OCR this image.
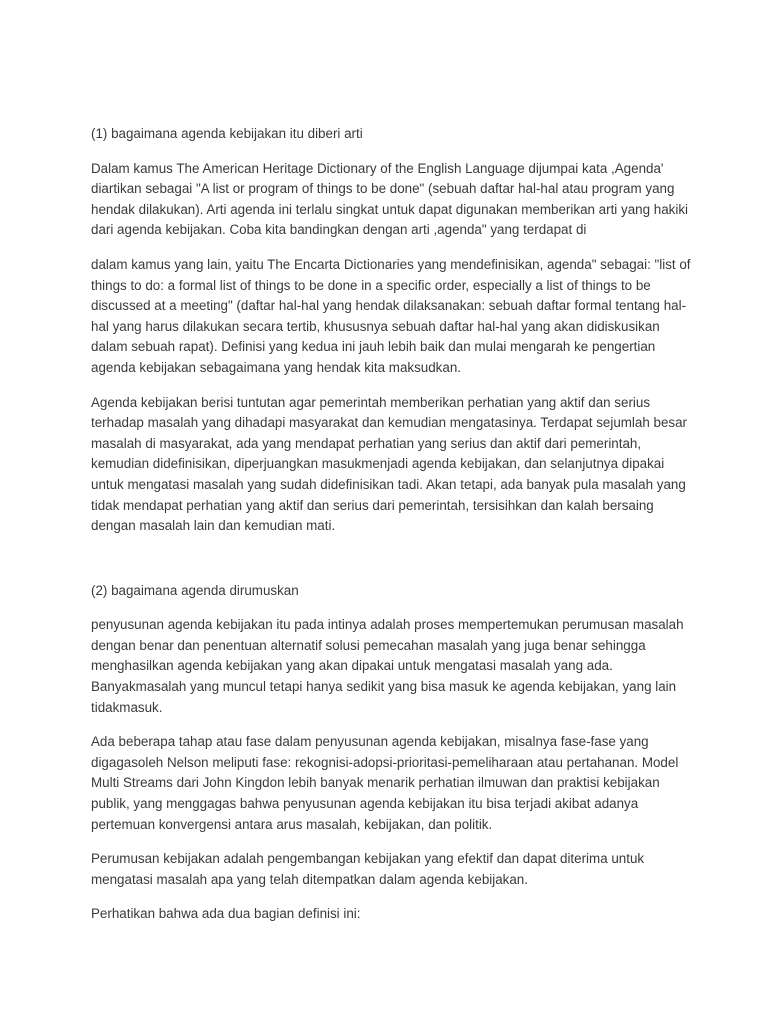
(1) bagaimana agenda kebijakan itu diberi arti

Dalam kamus The American Heritage Dictionary of the English Language dijumpai kata ,Agenda' diartikan sebagai "A list or program of things to be done" (sebuah daftar hal-hal atau program yang hendak dilakukan). Arti agenda ini terlalu singkat untuk dapat digunakan memberikan arti yang hakiki dari agenda kebijakan. Coba kita bandingkan dengan arti ,agenda" yang terdapat di

dalam kamus yang lain, yaitu The Encarta Dictionaries yang mendefinisikan, agenda" sebagai: "list of things to do: a formal list of things to be done in a specific order, especially a list of things to be discussed at a meeting" (daftar hal-hal yang hendak dilaksanakan: sebuah daftar formal tentang hal-hal yang harus dilakukan secara tertib, khususnya sebuah daftar hal-hal yang akan didiskusikan dalam sebuah rapat). Definisi yang kedua ini jauh lebih baik dan mulai mengarah ke pengertian agenda kebijakan sebagaimana yang hendak kita maksudkan.

Agenda kebijakan berisi tuntutan agar pemerintah memberikan perhatian yang aktif dan serius terhadap masalah yang dihadapi masyarakat dan kemudian mengatasinya. Terdapat sejumlah besar masalah di masyarakat, ada yang mendapat perhatian yang serius dan aktif dari pemerintah, kemudian didefinisikan, diperjuangkan masukmenjadi agenda kebijakan, dan selanjutnya dipakai untuk mengatasi masalah yang sudah didefinisikan tadi. Akan tetapi, ada banyak pula masalah yang tidak mendapat perhatian yang aktif dan serius dari pemerintah, tersisihkan dan kalah bersaing dengan masalah lain dan kemudian mati.

(2) bagaimana agenda dirumuskan

penyusunan agenda kebijakan itu pada intinya adalah proses mempertemukan perumusan masalah dengan benar dan penentuan alternatif solusi pemecahan masalah yang juga benar sehingga menghasilkan agenda kebijakan yang akan dipakai untuk mengatasi masalah yang ada. Banyakmasalah yang muncul tetapi hanya sedikit yang bisa masuk ke agenda kebijakan, yang lain tidakmasuk.

Ada beberapa tahap atau fase dalam penyusunan agenda kebijakan, misalnya fase-fase yang digagasoleh Nelson meliputi fase: rekognisi-adopsi-prioritasi-pemeliharaan atau pertahanan. Model Multi Streams dari John Kingdon lebih banyak menarik perhatian ilmuwan dan praktisi kebijakan publik, yang menggagas bahwa penyusunan agenda kebijakan itu bisa terjadi akibat adanya pertemuan konvergensi antara arus masalah, kebijakan, dan politik.

Perumusan kebijakan adalah pengembangan kebijakan yang efektif dan dapat diterima untuk mengatasi masalah apa yang telah ditempatkan dalam agenda kebijakan.

Perhatikan bahwa ada dua bagian definisi ini:
